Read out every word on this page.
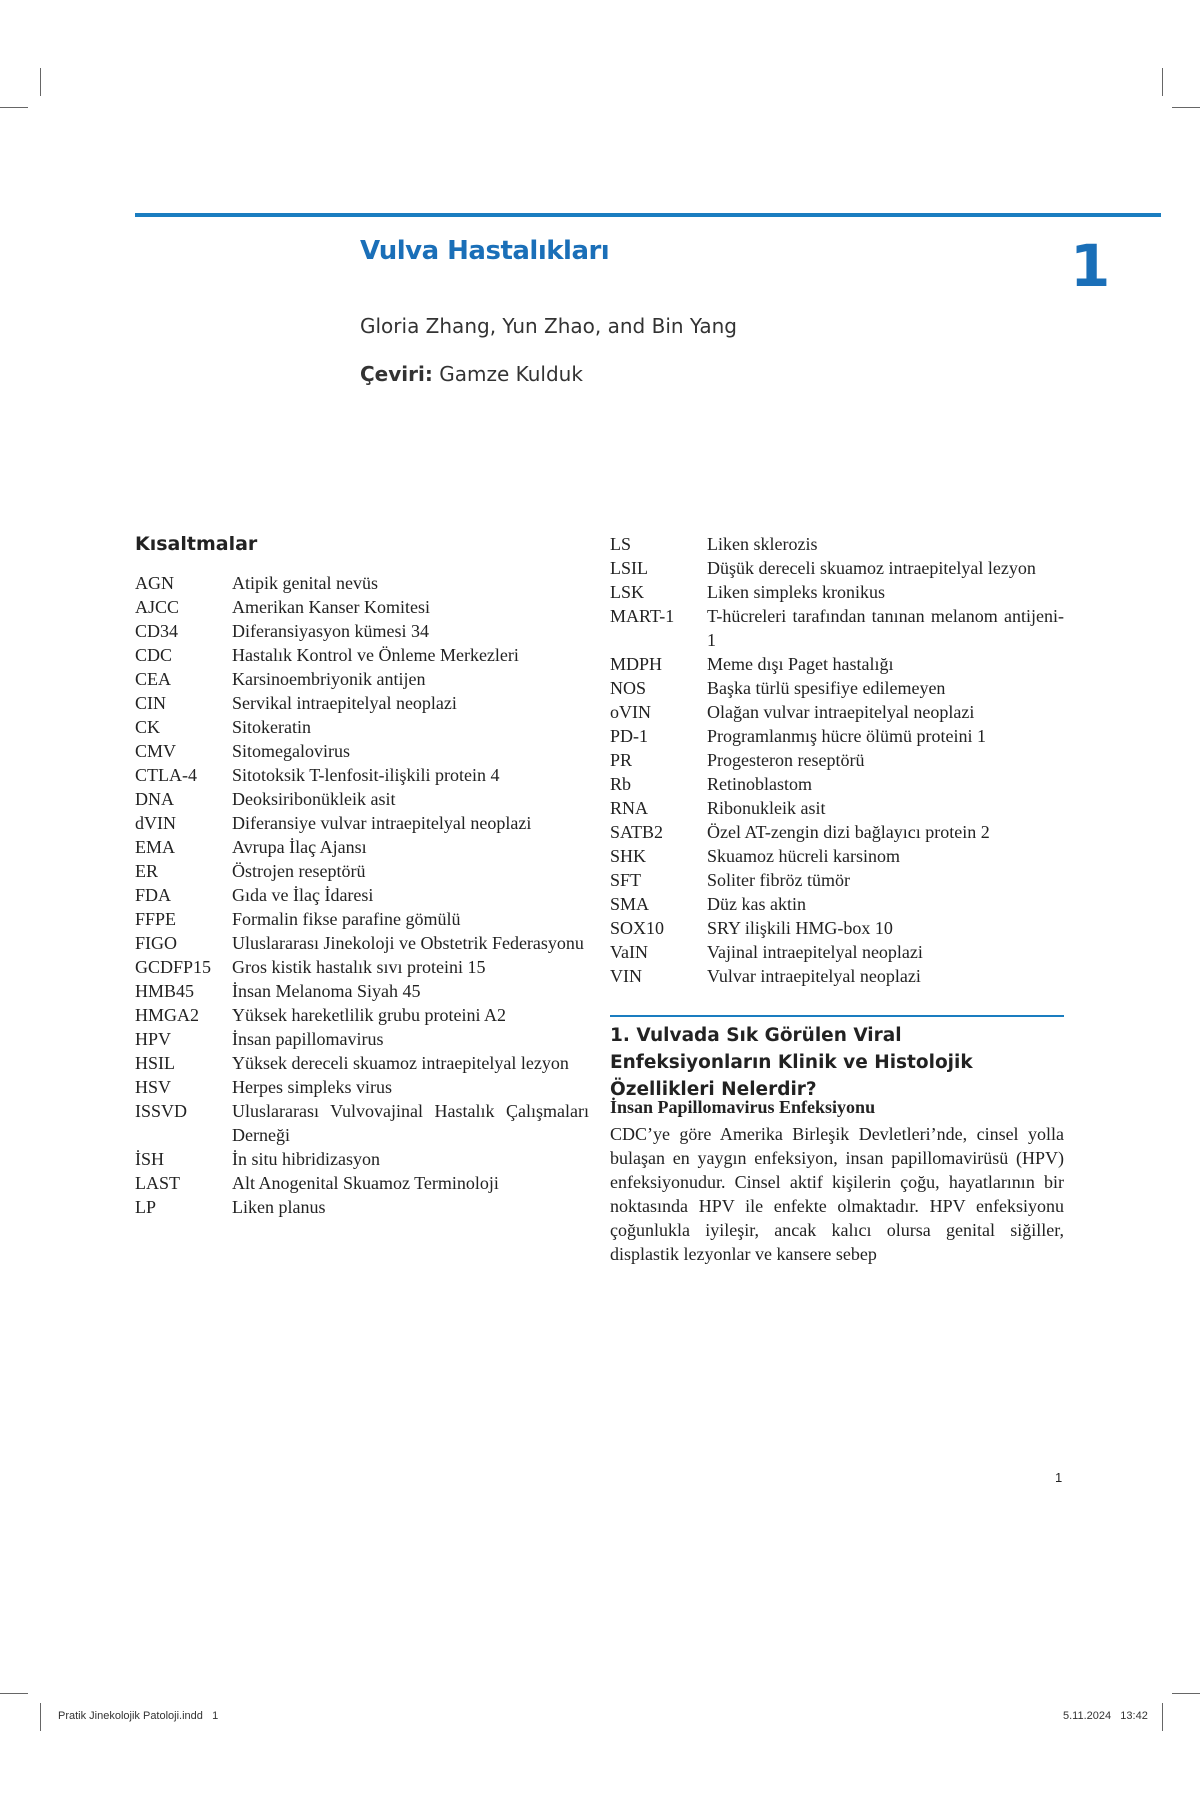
Vulva Hastalıkları	1
Gloria Zhang, Yun Zhao, and Bin Yang
Çeviri: Gamze Kulduk
Kısaltmalar
AGN	Atipik genital nevüs
AJCC	Amerikan Kanser Komitesi
CD34	Diferansiyasyon kümesi 34
CDC	Hastalık Kontrol ve Önleme Merkezleri
CEA	Karsinoembriyonik antijen
CIN	Servikal intraepitelyal neoplazi
CK	Sitokeratin
CMV	Sitomegalovirus
CTLA-4	Sitotoksik T-lenfosit-ilişkili protein 4
DNA	Deoksiribonükleik asit
dVIN	Diferansiye vulvar intraepitelyal neoplazi
EMA	Avrupa İlaç Ajansı
ER	Östrojen reseptörü
FDA	Gıda ve İlaç İdaresi
FFPE	Formalin fikse parafine gömülü
FIGO	Uluslararası Jinekoloji ve Obstetrik Federasyonu
GCDFP15	Gros kistik hastalık sıvı proteini 15
HMB45	İnsan Melanoma Siyah 45
HMGA2	Yüksek hareketlilik grubu proteini A2
HPV	İnsan papillomavirus
HSIL	Yüksek dereceli skuamoz intraepitelyal lezyon
HSV	Herpes simpleks virus
ISSVD	Uluslararası Vulvovajinal Hastalık Çalışmaları Derneği
İSH	İn situ hibridizasyon
LAST	Alt Anogenital Skuamoz Terminoloji
LP	Liken planus
LS	Liken sklerozis
LSIL	Düşük dereceli skuamoz intraepitelyal lezyon
LSK	Liken simpleks kronikus
MART-1	T-hücreleri tarafından tanınan melanom antijeni-1
MDPH	Meme dışı Paget hastalığı
NOS	Başka türlü spesifiye edilemeyen
oVIN	Olağan vulvar intraepitelyal neoplazi
PD-1	Programlanmış hücre ölümü proteini 1
PR	Progesteron reseptörü
Rb	Retinoblastom
RNA	Ribonukleik asit
SATB2	Özel AT-zengin dizi bağlayıcı protein 2
SHK	Skuamoz hücreli karsinom
SFT	Soliter fibröz tümör
SMA	Düz kas aktin
SOX10	SRY ilişkili HMG-box 10
VaIN	Vajinal intraepitelyal neoplazi
VIN	Vulvar intraepitelyal neoplazi
1. Vulvada Sık Görülen Viral Enfeksiyonların Klinik ve Histolojik Özellikleri Nelerdir?
İnsan Papillomavirus Enfeksiyonu
CDC’ye göre Amerika Birleşik Devletleri’nde, cinsel yolla bulaşan en yaygın enfeksiyon, insan papillomavirüsü (HPV) enfeksiyonudur. Cinsel aktif kişilerin çoğu, hayatlarının bir noktasında HPV ile enfekte olmaktadır. HPV enfeksiyonu çoğunlukla iyileşir, ancak kalıcı olursa genital siğiller, displastik lezyonlar ve kansere sebep
1
Pratik Jinekolojik Patoloji.indd   1	5.11.2024   13:42
